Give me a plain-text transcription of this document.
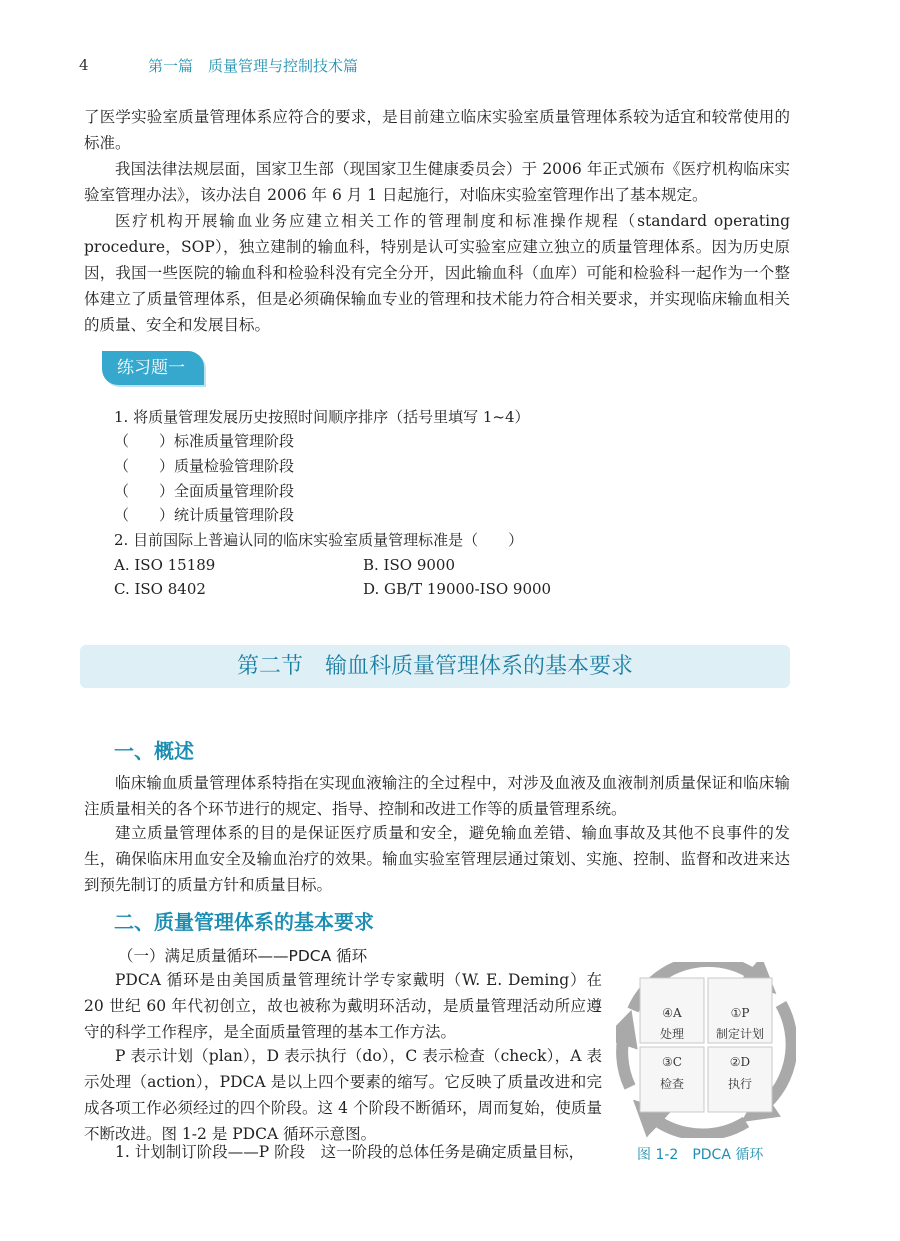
4	第一篇　质量管理与控制技术篇

了医学实验室质量管理体系应符合的要求，是目前建立临床实验室质量管理体系较为适宜和较常使用的标准。

我国法律法规层面，国家卫生部（现国家卫生健康委员会）于 2006 年正式颁布《医疗机构临床实验室管理办法》，该办法自 2006 年 6 月 1 日起施行，对临床实验室管理作出了基本规定。

医疗机构开展输血业务应建立相关工作的管理制度和标准操作规程（standard operating procedure，SOP），独立建制的输血科，特别是认可实验室应建立独立的质量管理体系。因为历史原因，我国一些医院的输血科和检验科没有完全分开，因此输血科（血库）可能和检验科一起作为一个整体建立了质量管理体系，但是必须确保输血专业的管理和技术能力符合相关要求，并实现临床输血相关的质量、安全和发展目标。

练习题一
1. 将质量管理发展历史按照时间顺序排序（括号里填写 1~4）
（　　）标准质量管理阶段
（　　）质量检验管理阶段
（　　）全面质量管理阶段
（　　）统计质量管理阶段
2. 目前国际上普遍认同的临床实验室质量管理标准是（　　）
A. ISO 15189	B. ISO 9000
C. ISO 8402	D. GB/T 19000-ISO 9000
第二节　输血科质量管理体系的基本要求
一、概述

临床输血质量管理体系特指在实现血液输注的全过程中，对涉及血液及血液制剂质量保证和临床输注质量相关的各个环节进行的规定、指导、控制和改进工作等的质量管理系统。

建立质量管理体系的目的是保证医疗质量和安全，避免输血差错、输血事故及其他不良事件的发生，确保临床用血安全及输血治疗的效果。输血实验室管理层通过策划、实施、控制、监督和改进来达到预先制订的质量方针和质量目标。

二、质量管理体系的基本要求
（一）满足质量循环——PDCA 循环

PDCA 循环是由美国质量管理统计学专家戴明（W. E. Deming）在 20 世纪 60 年代初创立，故也被称为戴明环活动，是质量管理活动所应遵守的科学工作程序，是全面质量管理的基本工作方法。

P 表示计划（plan），D 表示执行（do），C 表示检查（check），A 表示处理（action），PDCA 是以上四个要素的缩写。它反映了质量改进和完成各项工作必须经过的四个阶段。这 4 个阶段不断循环，周而复始，使质量不断改进。图 1-2 是 PDCA 循环示意图。

1. 计划制订阶段——P 阶段　这一阶段的总体任务是确定质量目标，

④A
处理
①P
制定计划
③C
检查
②D
执行
图 1-2　PDCA 循环
